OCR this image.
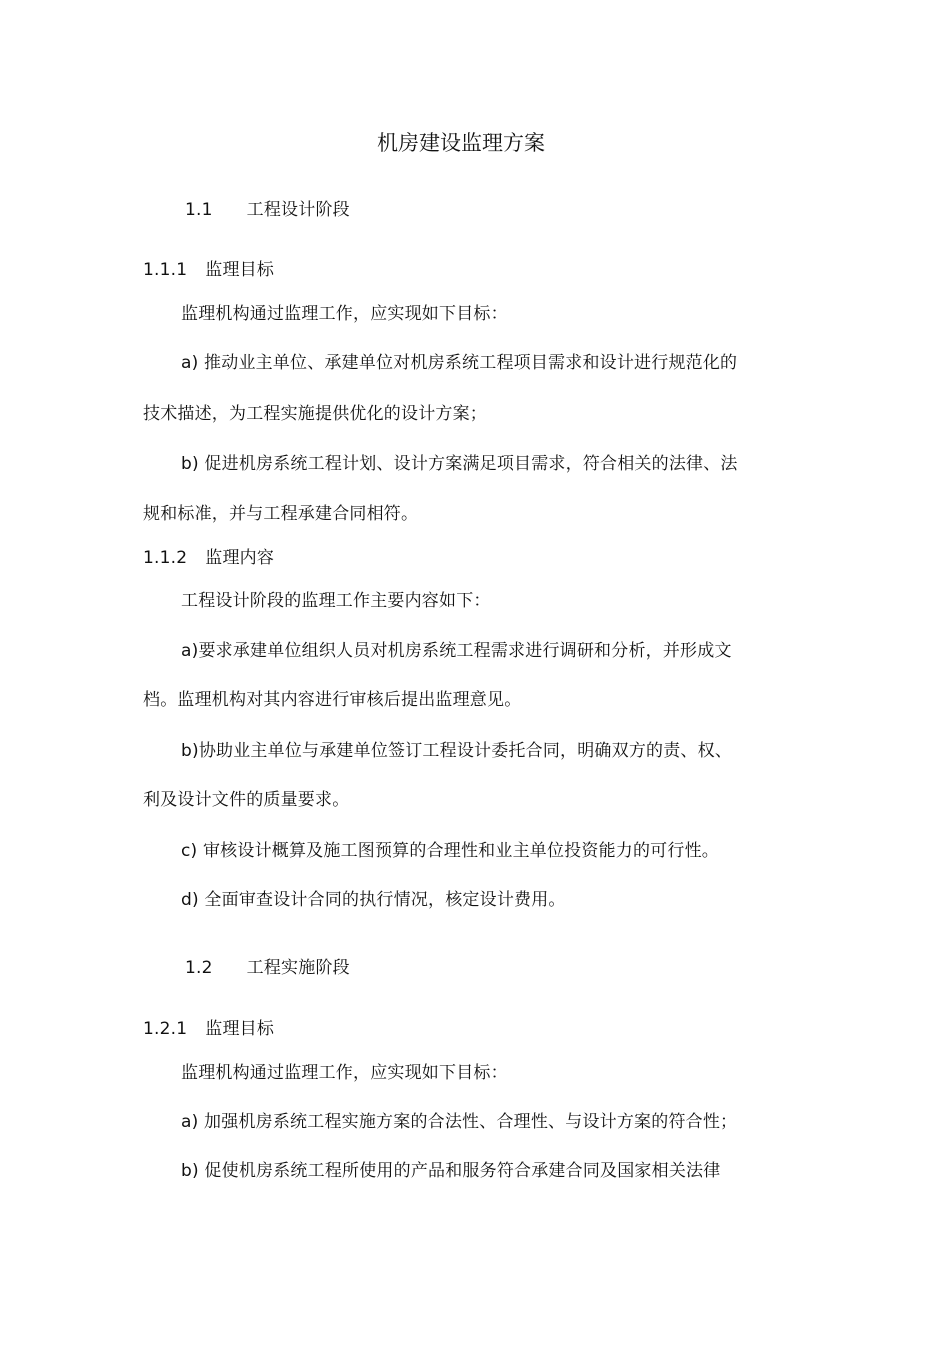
机房建设监理方案
1.1 工程设计阶段
1.1.1 监理目标
监理机构通过监理工作，应实现如下目标：
a) 推动业主单位、承建单位对机房系统工程项目需求和设计进行规范化的
技术描述，为工程实施提供优化的设计方案；
b) 促进机房系统工程计划、设计方案满足项目需求，符合相关的法律、法
规和标准，并与工程承建合同相符。
1.1.2 监理内容
工程设计阶段的监理工作主要内容如下：
a)要求承建单位组织人员对机房系统工程需求进行调研和分析，并形成文
档。监理机构对其内容进行审核后提出监理意见。
b)协助业主单位与承建单位签订工程设计委托合同，明确双方的责、权、
利及设计文件的质量要求。
c) 审核设计概算及施工图预算的合理性和业主单位投资能力的可行性。
d) 全面审查设计合同的执行情况，核定设计费用。
1.2 工程实施阶段
1.2.1 监理目标
监理机构通过监理工作，应实现如下目标：
a) 加强机房系统工程实施方案的合法性、合理性、与设计方案的符合性；
b) 促使机房系统工程所使用的产品和服务符合承建合同及国家相关法律
